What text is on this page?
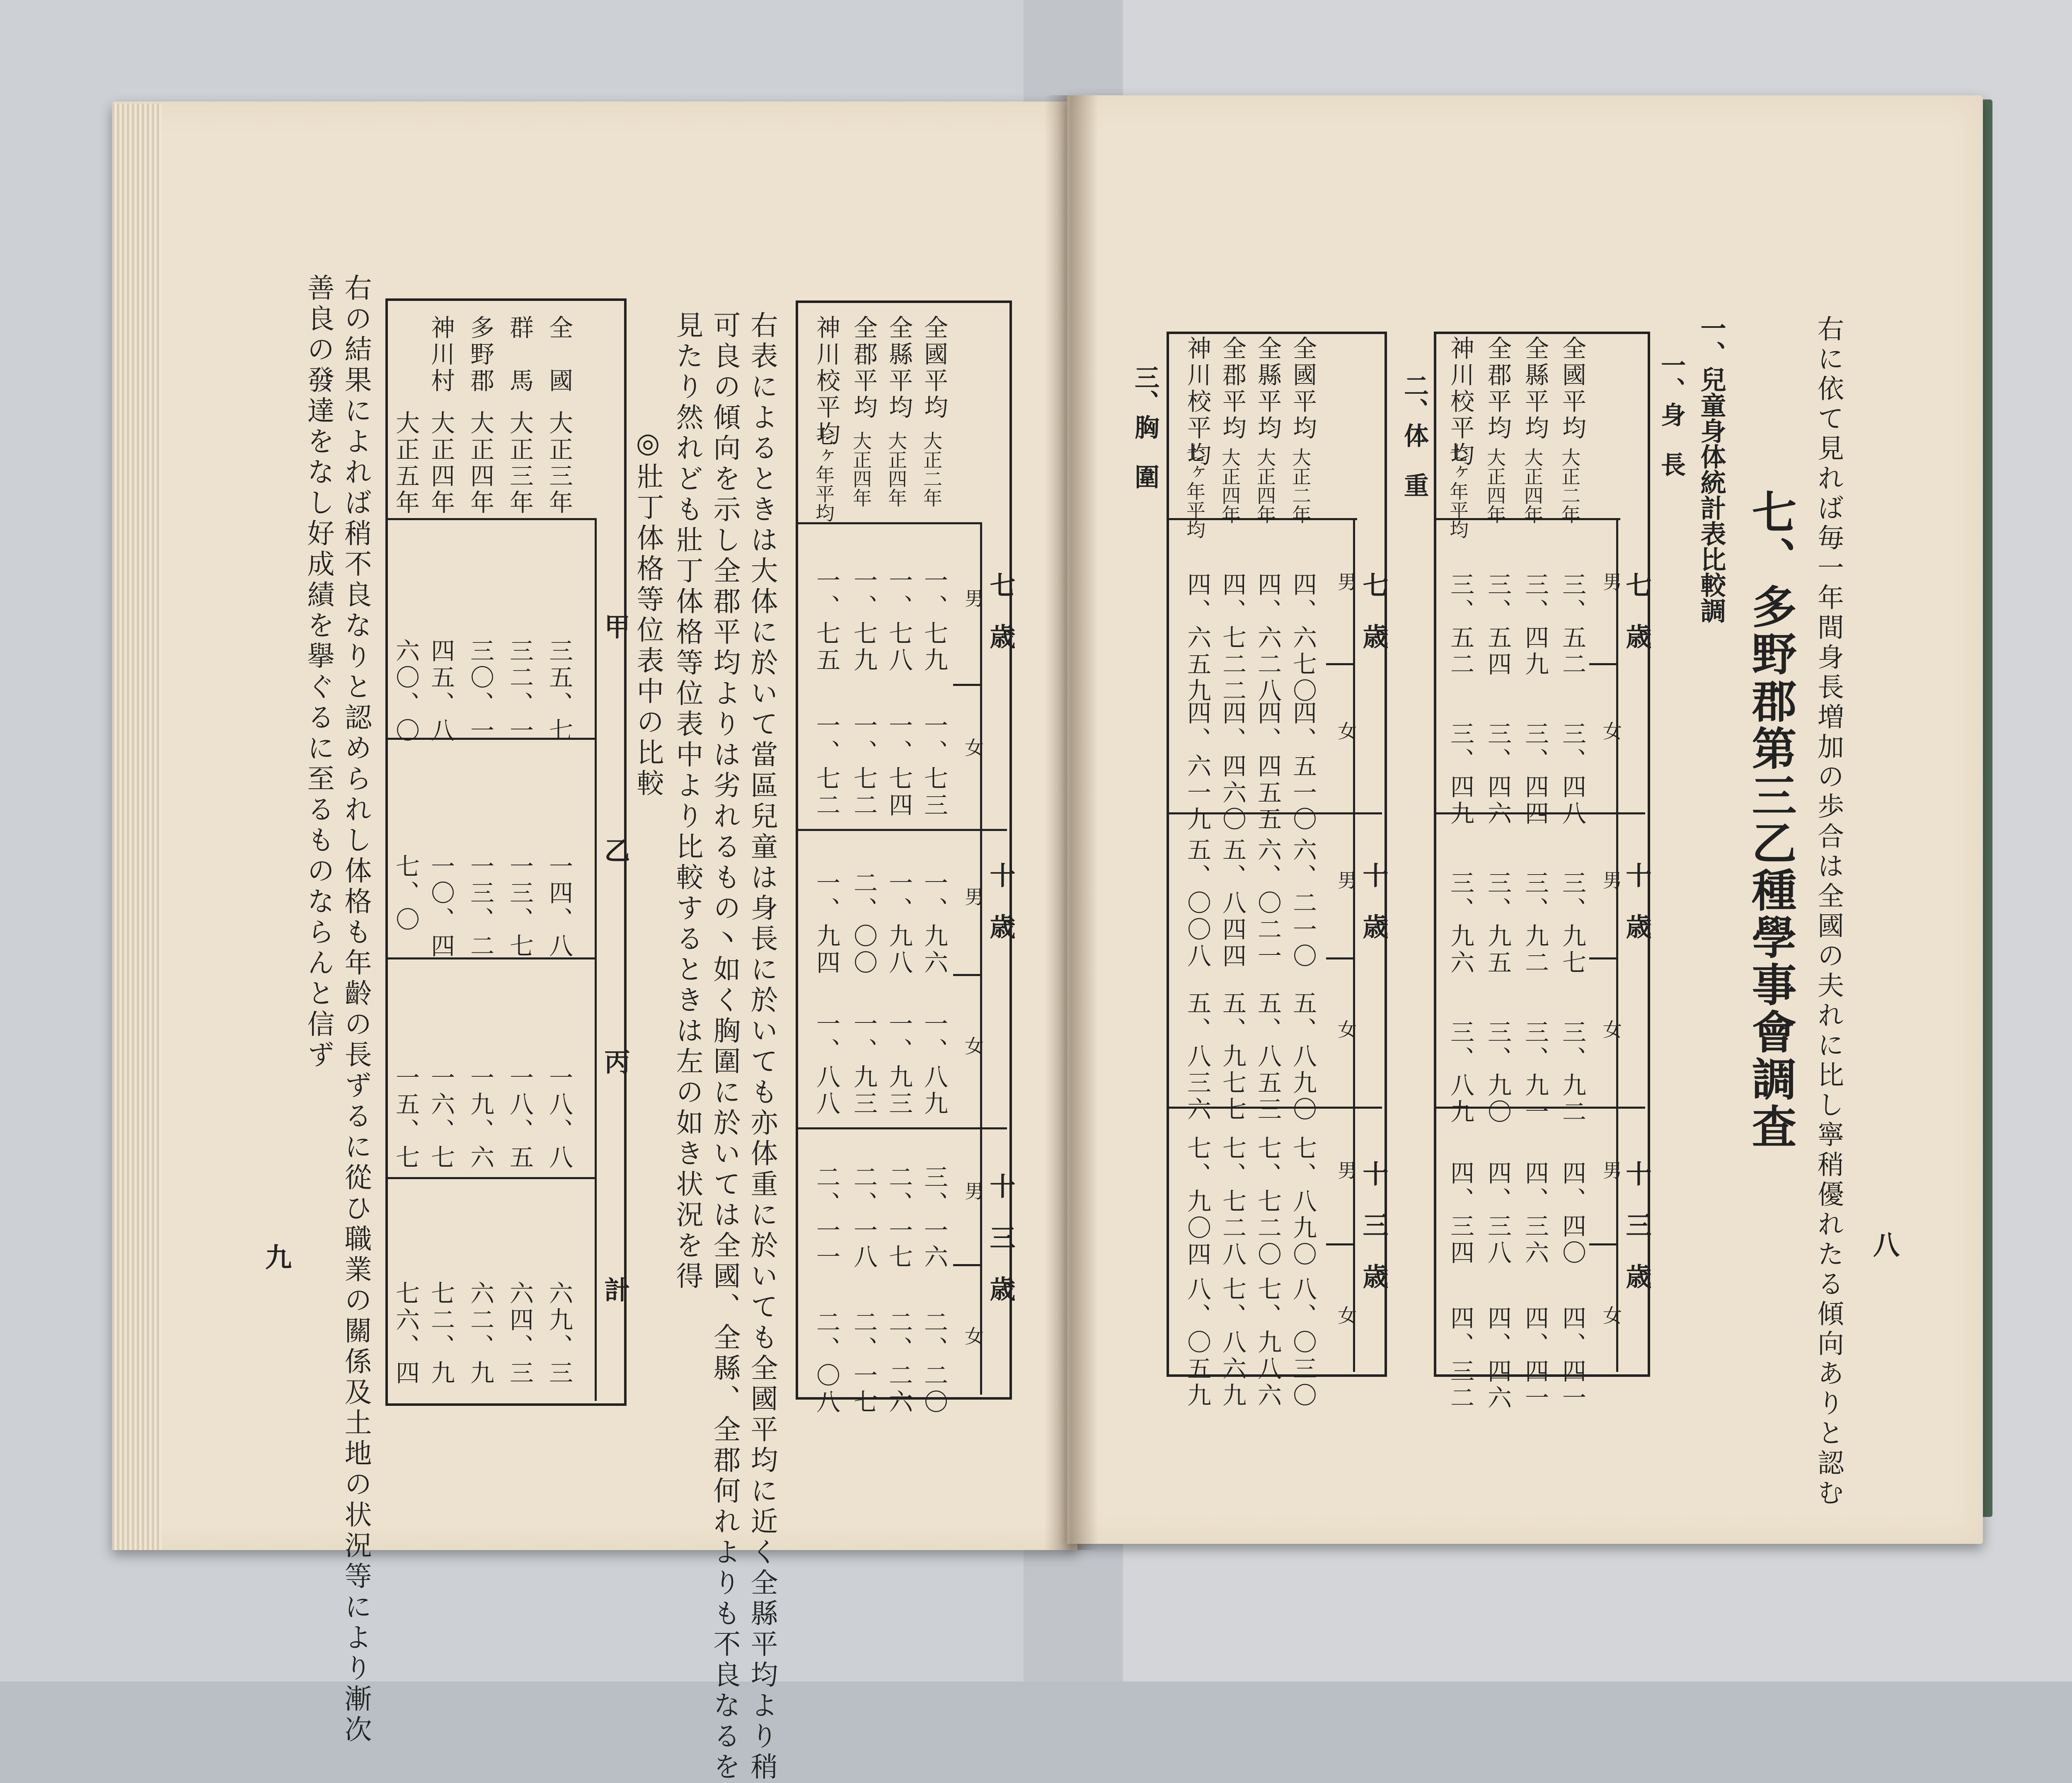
右に依て見れば毎一年間身長増加の歩合は全國の夫れに比し寧稍優れたる傾向ありと認む 八
七、多野郡第三乙種學事會調査
一、兒童身体統計表比較調
一、身　長
七　歳
十　歳
十　三　歳
男
女
男
女
男
女
全國平均
大正二年
全縣平均
大正四年
全郡平均
大正四年
神川校平均
七ヶ年平均
三、五二
三、四八
三、九七
三、九二
四、四〇
四、四一
三、四九
三、四四
三、九二
三、九一
四、三六
四、四一
三、五四
三、四六
三、九五
三、九〇
四、三八
四、四六
三、五二
三、四九
三、九六
三、八九
四、三四
四、三二
二、体　重
七　歳
十　歳
十　三　歳
男
女
男
女
男
女
全國平均
大正二年
全縣平均
大正四年
全郡平均
大正四年
神川校平均
七ヶ年平均
四、六七〇
四、五一〇
六、二一〇
五、八九〇
七、八九〇
八、〇三〇
四、六二八
四、四五五
六、〇二一
五、八五三
七、七二〇
七、九八六
四、七二二
四、四六〇
五、八四四
五、九七七
七、七二八
七、八六九
四、六五九
四、六一九
五、〇〇八
五、八三六
七、九〇四
八、〇五九
三、胸　圍
九
七　歳
十　歳
十　三　歳
男
女
男
女
男
女
全國平均
大正二年
全縣平均
大正四年
全郡平均
大正四年
神川校平均
七ヶ年平均
一、七九
一、七三
一、九六
一、八九
三、一六
二、二〇
一、七八
一、七四
一、九八
一、九三
二、一七
二、二六
一、七九
一、七二
二、〇〇
一、九三
二、一八
二、一七
一、七五
一、七二
一、九四
一、八八
二、一一
二、〇八
右表によるときは大体に於いて當區兒童は身長に於いても亦体重に於いても全國平均に近く全縣平均より稍
可良の傾向を示し全郡平均よりは劣れるもの丶如く胸圍に於いては全國、全縣、全郡何れよりも不良なるを
見たり然れども壯丁体格等位表中より比較するときは左の如き状況を得
◎壯丁体格等位表中の比較
甲
乙
丙
計
全　國
大正三年
群　馬
大正三年
多野郡
大正四年
神川村
大正四年
大正五年
三五、七
一四、八
一八、八
六九、三
三二、一
一三、七
一八、五
六四、三
三〇、一
一三、二
一九、六
六二、九
四五、八
一〇、四
一六、七
七二、九
六〇、〇
七、〇
一五、七
七六、四
右の結果によれば稍不良なりと認められし体格も年齡の長ずるに從ひ職業の關係及土地の状況等により漸次
善良の發達をなし好成績を擧ぐるに至るものならんと信ず
